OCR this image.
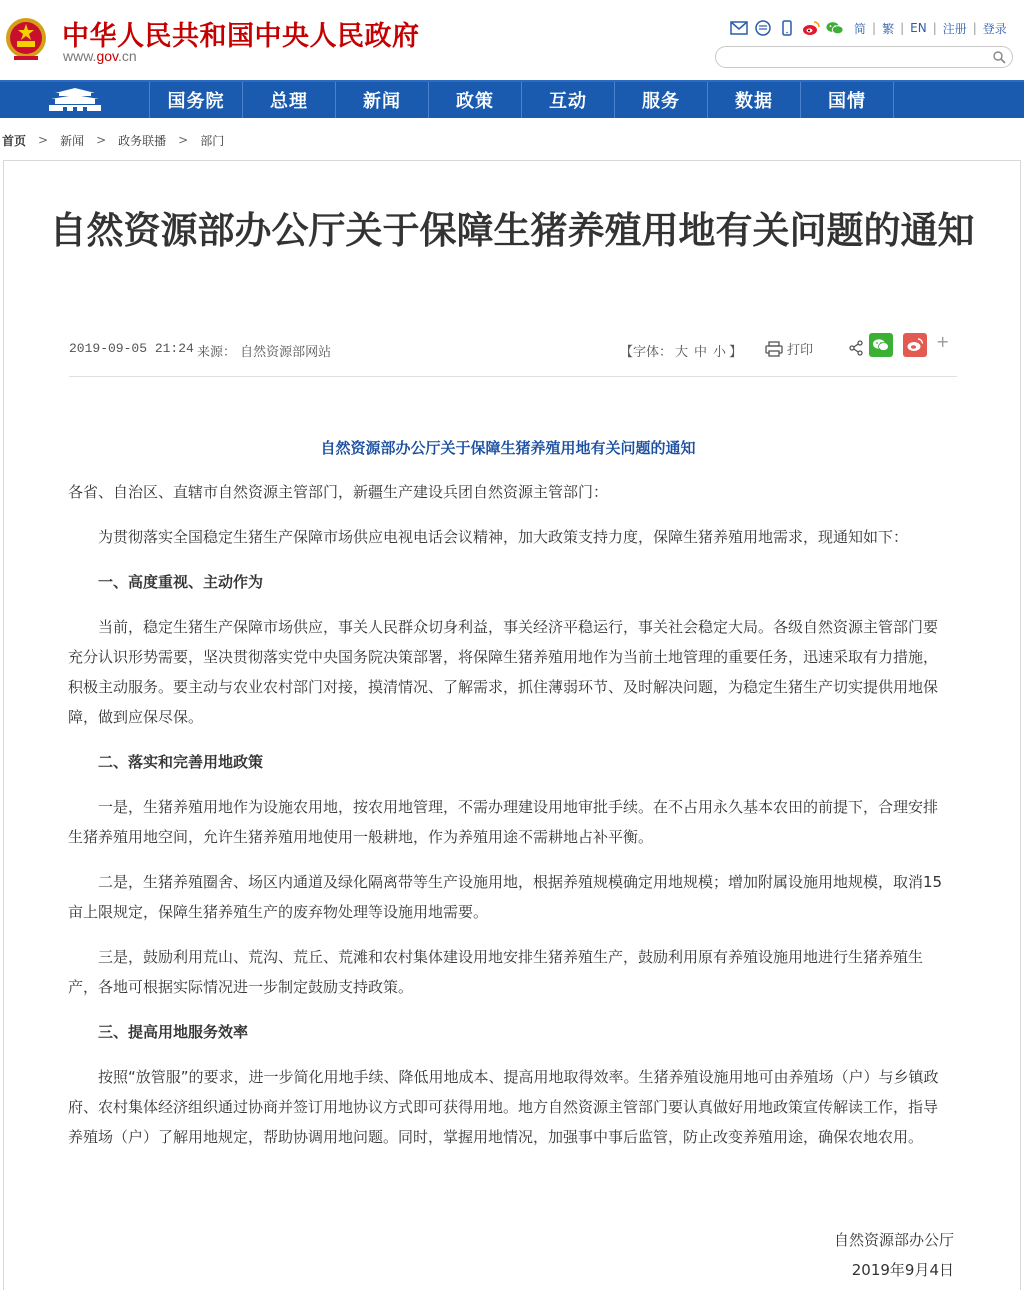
中华人民共和国中央人民政府
www.gov.cn
简 | 繁 | EN | 注册 | 登录
国务院	总理	新闻	政策	互动	服务	数据	国情
首页 > 新闻 > 政务联播 > 部门
自然资源部办公厅关于保障生猪养殖用地有关问题的通知
2019-09-05 21:24 来源： 自然资源部网站	【字体： 大 中 小 】	打印	+
自然资源部办公厅关于保障生猪养殖用地有关问题的通知

各省、自治区、直辖市自然资源主管部门，新疆生产建设兵团自然资源主管部门：

为贯彻落实全国稳定生猪生产保障市场供应电视电话会议精神，加大政策支持力度，保障生猪养殖用地需求，现通知如下：

一、高度重视、主动作为

当前，稳定生猪生产保障市场供应，事关人民群众切身利益，事关经济平稳运行，事关社会稳定大局。各级自然资源主管部门要充分认识形势需要，坚决贯彻落实党中央国务院决策部署，将保障生猪养殖用地作为当前土地管理的重要任务，迅速采取有力措施，积极主动服务。要主动与农业农村部门对接，摸清情况、了解需求，抓住薄弱环节、及时解决问题，为稳定生猪生产切实提供用地保障，做到应保尽保。

二、落实和完善用地政策

一是，生猪养殖用地作为设施农用地，按农用地管理，不需办理建设用地审批手续。在不占用永久基本农田的前提下，合理安排生猪养殖用地空间，允许生猪养殖用地使用一般耕地，作为养殖用途不需耕地占补平衡。

二是，生猪养殖圈舍、场区内通道及绿化隔离带等生产设施用地，根据养殖规模确定用地规模；增加附属设施用地规模，取消15亩上限规定，保障生猪养殖生产的废弃物处理等设施用地需要。

三是，鼓励利用荒山、荒沟、荒丘、荒滩和农村集体建设用地安排生猪养殖生产，鼓励利用原有养殖设施用地进行生猪养殖生产，各地可根据实际情况进一步制定鼓励支持政策。

三、提高用地服务效率

按照“放管服”的要求，进一步简化用地手续、降低用地成本、提高用地取得效率。生猪养殖设施用地可由养殖场（户）与乡镇政府、农村集体经济组织通过协商并签订用地协议方式即可获得用地。地方自然资源主管部门要认真做好用地政策宣传解读工作，指导养殖场（户）了解用地规定，帮助协调用地问题。同时，掌握用地情况，加强事中事后监管，防止改变养殖用途，确保农地农用。

自然资源部办公厅
2019年9月4日
